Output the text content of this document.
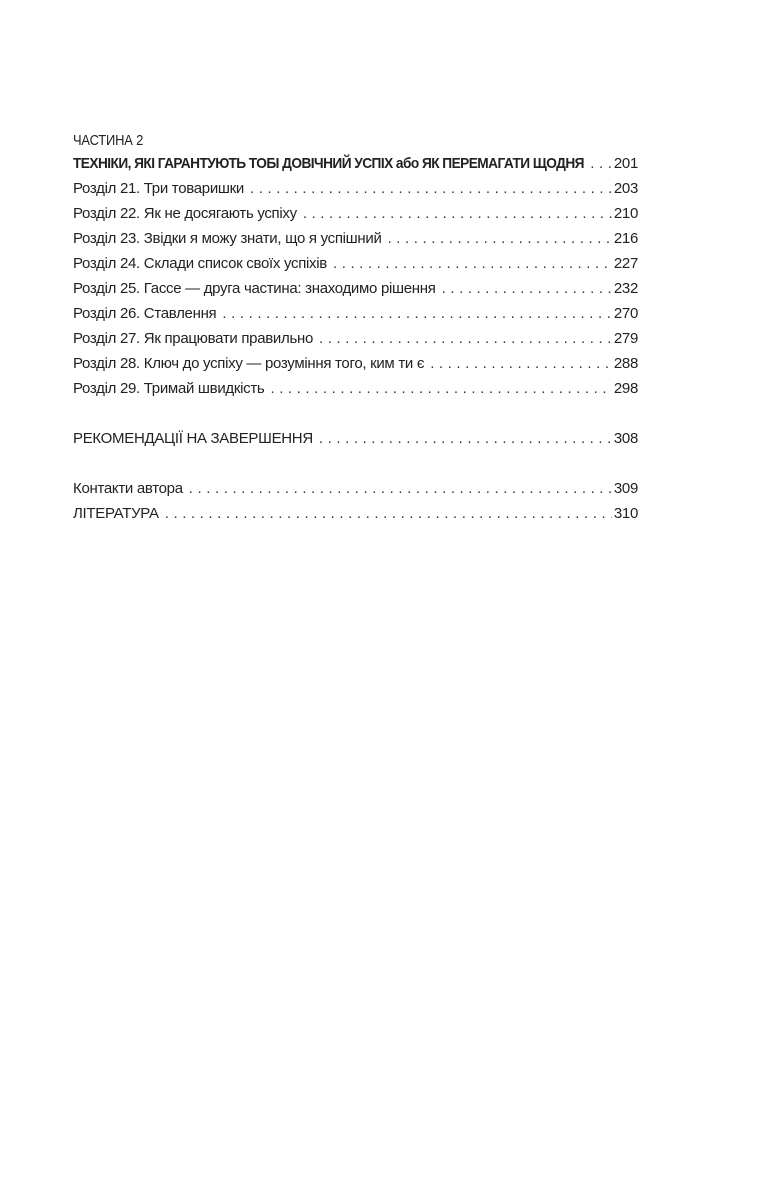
ЧАСТИНА 2
ТЕХНІКИ, ЯКІ ГАРАНТУЮТЬ ТОБІ ДОВІЧНИЙ УСПІХ або ЯК ПЕРЕМАГАТИ ЩОДНЯ . . . 201
Розділ 21. Три товаришки . . .	203
Розділ 22. Як не досягають успіху . . .	210
Розділ 23. Звідки я можу знати, що я успішний . . .	216
Розділ 24. Склади список своїх успіхів . . .	227
Розділ 25. Гассе — друга частина: знаходимо рішення . . .	232
Розділ 26. Ставлення . . .	270
Розділ 27. Як працювати правильно . . .	279
Розділ 28. Ключ до успіху — розуміння того, ким ти є . . .	288
Розділ 29. Тримай швидкість . . .	298
РЕКОМЕНДАЦІЇ НА ЗАВЕРШЕННЯ . . .	308
Контакти автора . . .	309
ЛІТЕРАТУРА . . .	310
